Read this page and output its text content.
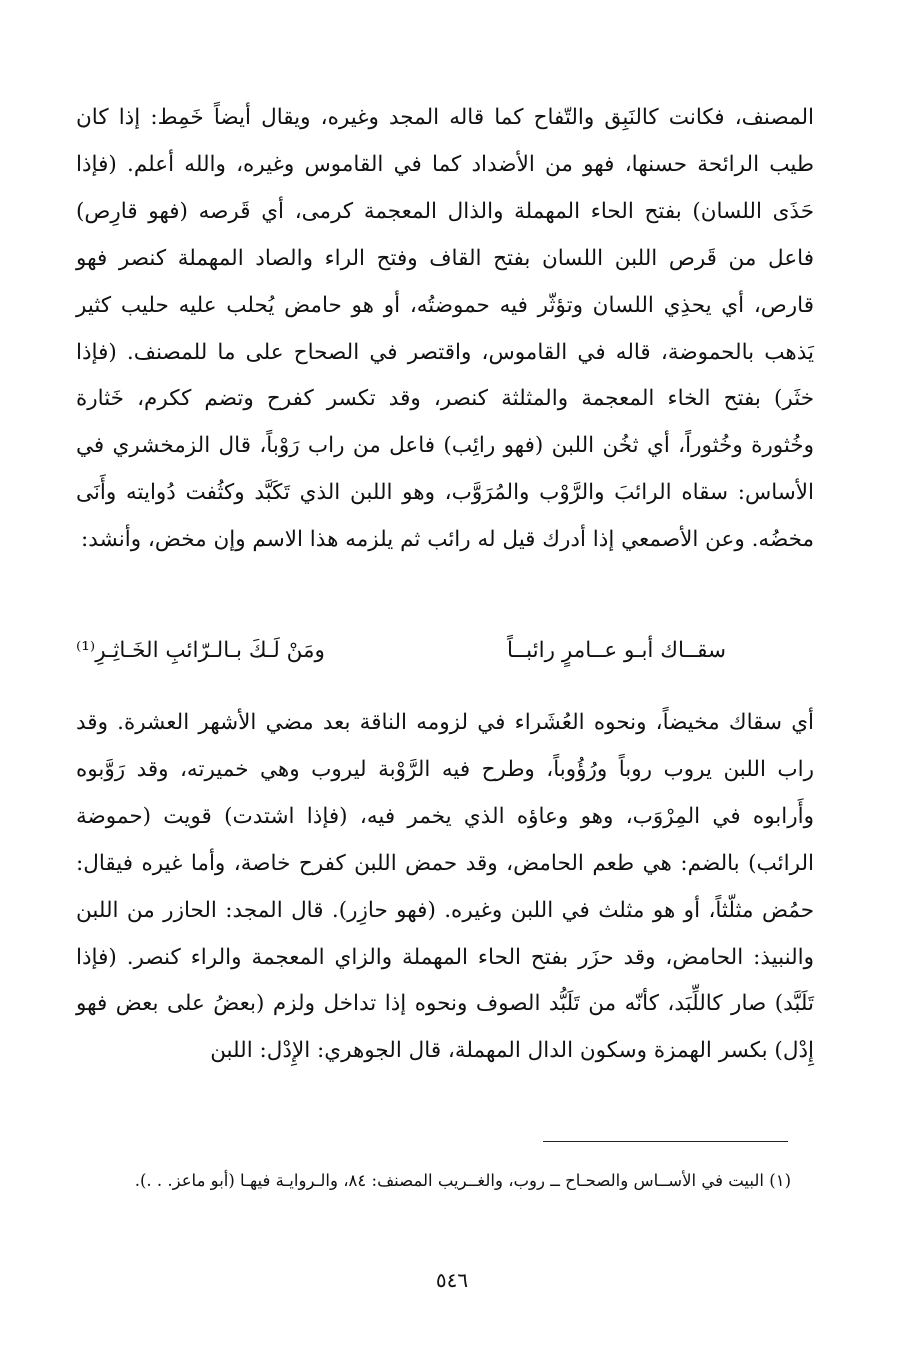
المصنف، فكانت كالنَبِق والتّفاح كما قاله المجد وغيره، ويقال أيضاً خَمِط: إذا كان طيب الرائحة حسنها، فهو من الأضداد كما في القاموس وغيره، والله أعلم. (فإذا حَذَى اللسان) بفتح الحاء المهملة والذال المعجمة كرمى، أي قَرصه (فهو قارِص) فاعل من قَرص اللبن اللسان بفتح القاف وفتح الراء والصاد المهملة كنصر فهو قارص، أي يحذِي اللسان وتؤثّر فيه حموضتُه، أو هو حامض يُحلب عليه حليب كثير يَذهب بالحموضة، قاله في القاموس، واقتصر في الصحاح على ما للمصنف. (فإذا خثَر) بفتح الخاء المعجمة والمثلثة كنصر، وقد تكسر كفرح وتضم ككرم، خَثارة وخُثورة وخُثوراً، أي ثخُن اللبن (فهو رائِب) فاعل من راب رَوْباً، قال الزمخشري في الأساس: سقاه الرائبَ والرَّوْب والمُرَوَّب، وهو اللبن الذي تَكَبَّد وكثُفت دُوايته وأَنَى مخضُه. وعن الأصمعي إذا أدرك قيل له رائب ثم يلزمه هذا الاسم وإن مخض، وأنشد:

سقــاك أبـو عــامرٍ رائبــاً
ومَنْ لَـكَ بـالـرّائبِ الخَـاثِـرِ⁽¹⁾

أي سقاك مخيضاً، ونحوه العُشَراء في لزومه الناقة بعد مضي الأشهر العشرة. وقد راب اللبن يروب روباً ورُؤُوباً، وطرح فيه الرَّوْبة ليروب وهي خميرته، وقد رَوَّبوه وأَرابوه في المِرْوَب، وهو وعاؤه الذي يخمر فيه، (فإذا اشتدت) قويت (حموضة الرائب) بالضم: هي طعم الحامض، وقد حمض اللبن كفرح خاصة، وأما غيره فيقال: حمُض مثلّثاً، أو هو مثلث في اللبن وغيره. (فهو حازِر). قال المجد: الحازر من اللبن والنبيذ: الحامض، وقد حزَر بفتح الحاء المهملة والزاي المعجمة والراء كنصر. (فإذا تَلَبَّد) صار كاللِّبَد، كأنّه من تَلَبُّد الصوف ونحوه إذا تداخل ولزم (بعضُ على بعض فهو إِدْل) بكسر الهمزة وسكون الدال المهملة، قال الجوهري: الإِدْل: اللبن

(١) البيت في الأســاس والصحـاح ــ روب، والغــريب المصنف: ٨٤، والـروايـة فيهـا (أبو ماعز. . .).
٥٤٦
